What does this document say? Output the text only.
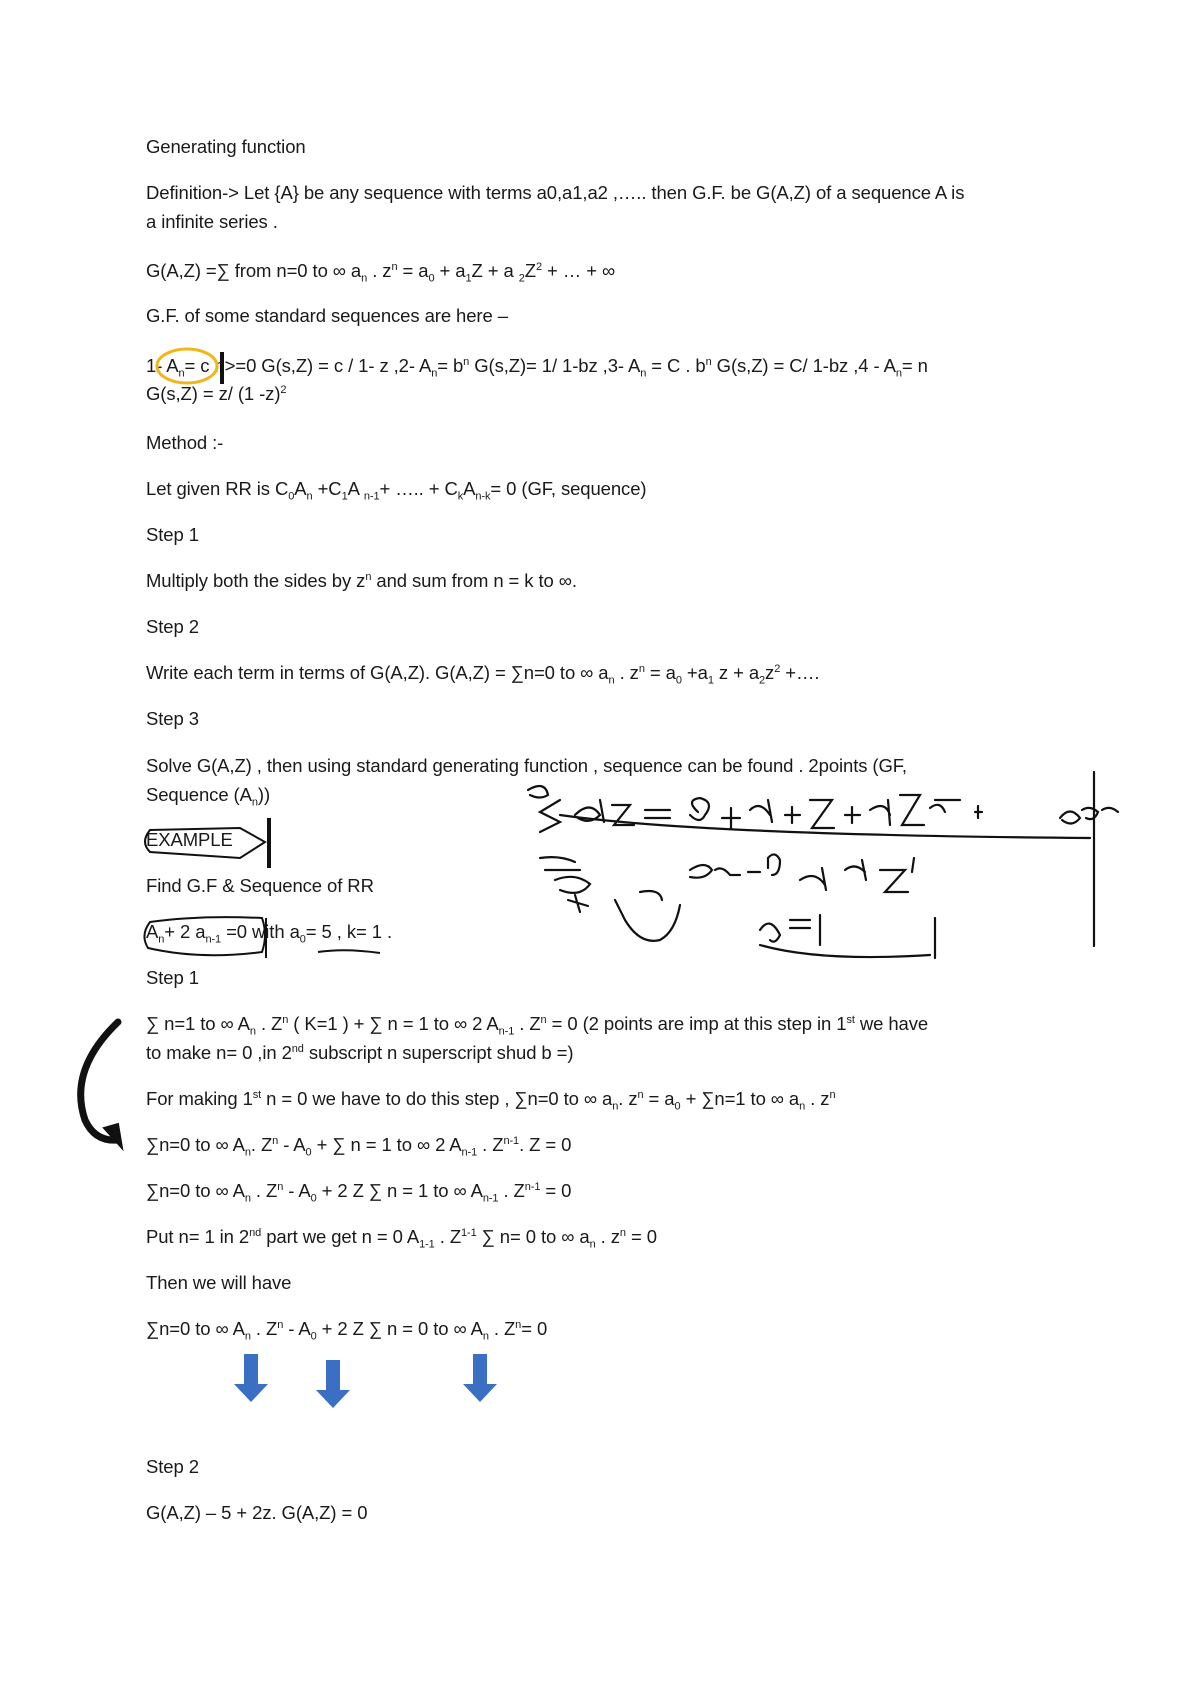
Generating function
Definition-> Let {A} be any sequence with terms a0,a1,a2 ,….. then G.F. be G(A,Z) of a sequence A is
a infinite series .
G(A,Z) =∑ from n=0 to ∞ $a_n$ . $z^n = a_0 + a_1Z + a$ $_2Z^2$ + … + ∞
G.F. of some standard sequences are here –
1- $A_n= c$ n>=0 G(s,Z) = c / 1- z ,2- $A_n= b^n$ G(s,Z)= 1/ 1-bz ,3- $A_n = C$ . $b^n$ G(s,Z) = C/ 1-bz $,4 - A_n= n$
G(s,Z) = z/ (1 -z)$^2$
Method :-
Let given RR is $C_0A_n +C_1A$ $_{n-1}$+ ….. + $C_kA_{n-k}= 0$ (GF, sequence)
Step 1
Multiply both the sides by $z^n$ and sum from n = k to ∞.
Step 2
Write each term in terms of G(A,Z). G(A,Z) = ∑n=0 to ∞ $a_n$ . $z^n = a_0 +a_1$ $z + a_2z^2$ +….
Step 3
Solve G(A,Z) , then using standard generating function , sequence can be found . 2points (GF,
Sequence $(A_n)$)
EXAMPLE
Find G.F & Sequence of RR
$A_n+ 2$ $a_{n-1} =0$ with $a_0= 5$ , k= 1 .
Step 1
∑ n=1 to ∞ $A_n$ . $Z^n$ ( K=1 ) + ∑ n = 1 to ∞ 2 $A_{n-1}$ . $Z^n = 0$ (2 points are imp at this step in 1st we have
to make n= 0 ,in 2nd subscript n superscript shud b =)
For making 1st n = 0 we have to do this step , ∑n=0 to ∞ $a_n$. $z^n = a_0 + \sum n=1$ to ∞ $a_n$ . $z^n$
∑n=0 to ∞ $A_n$. $Z^n - A_0$ + ∑ n = 1 to ∞ 2 $A_{n-1}$ . $Z^{n-1}$. Z = 0
∑n=0 to ∞ $A_n$ . $Z^n - A_0 + 2$ Z ∑ n = 1 to ∞ $A_{n-1}$ . $Z^{n-1} = 0$
Put n= 1 in 2nd part we get n = 0 $A_{1-1}$ . $Z^{1-1}$ ∑ n= 0 to ∞ $a_n$ . $z^n = 0$
Then we will have
∑n=0 to ∞ $A_n$ . $Z^n - A_0 + 2$ Z ∑ n = 0 to ∞ $A_n$ . $Z^n= 0$
Step 2
G(A,Z) – 5 + 2z. G(A,Z) = 0
